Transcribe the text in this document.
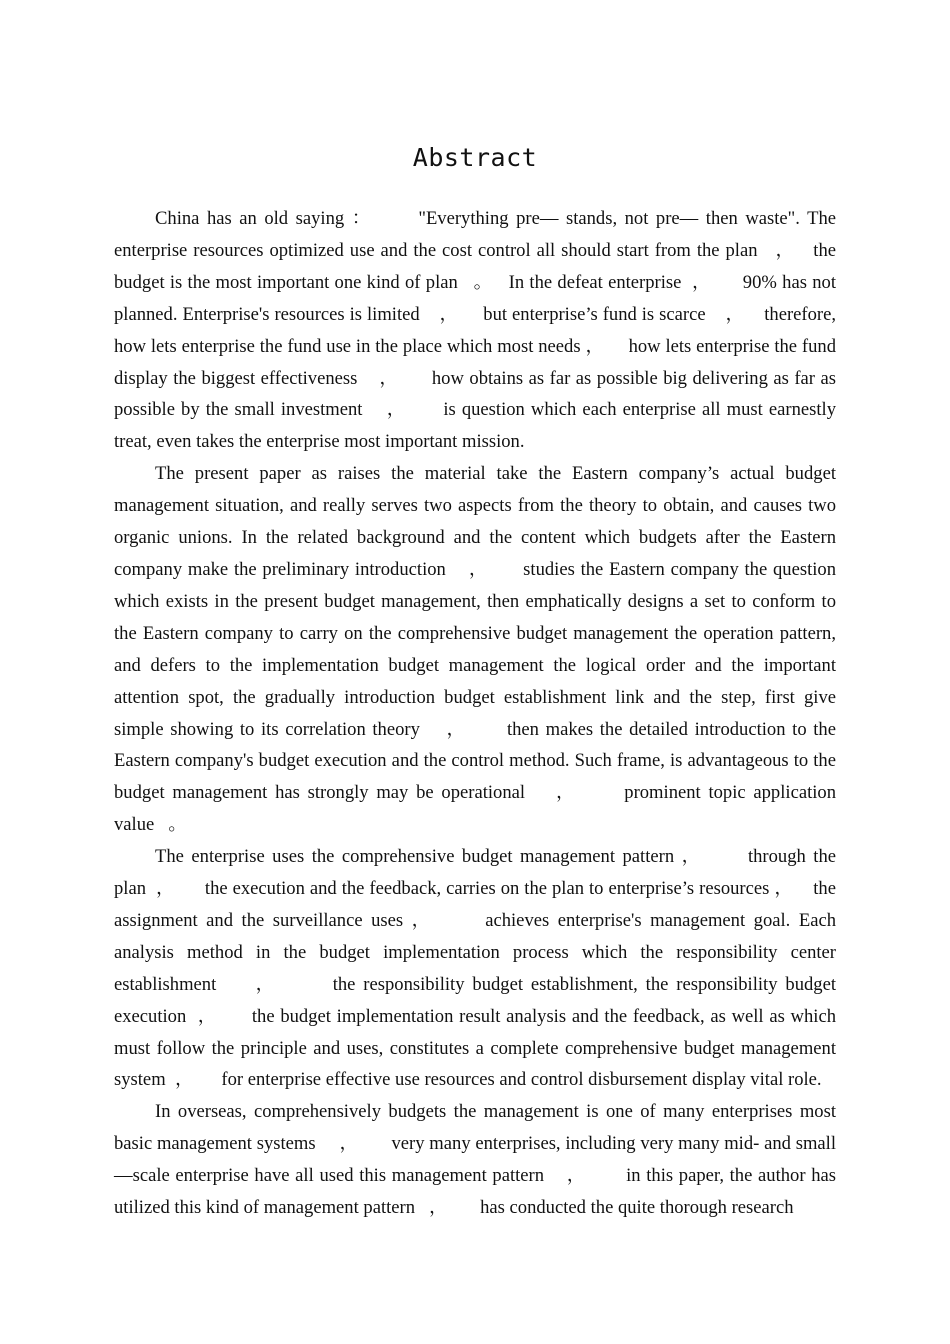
Abstract

China has an old saying ：      "Everything pre— stands, not pre— then waste". The enterprise resources optimized use and the cost control all should start from the plan   ，   the budget is the most important one kind of plan   。   In the defeat enterprise  ，      90% has not planned. Enterprise's resources is limited    ，     but enterprise’s fund is scarce    ，    therefore, how lets enterprise the fund use in the place which most needs ，     how lets enterprise the fund display the biggest effectiveness    ，      how obtains as far as possible big delivering as far as possible by the small investment    ，      is question which each enterprise all must earnestly treat, even takes the enterprise most important mission.

The present paper as raises the material take the Eastern company’s actual budget management situation, and really serves two aspects from the theory to obtain, and causes two organic unions. In the related background and the content which budgets after the Eastern company make the preliminary introduction    ，      studies the Eastern company the question which exists in the present budget management, then emphatically designs a set to conform to the Eastern company to carry on the comprehensive budget management the operation pattern, and defers to the implementation budget management the logical order and the important attention spot, the gradually introduction budget establishment link and the step, first give simple showing to its correlation theory    ，      then makes the detailed introduction to the Eastern company's budget execution and the control method. Such frame, is advantageous to the budget management has strongly may be operational    ，      prominent topic application value   。

The enterprise uses the comprehensive budget management pattern ，      through the plan  ，      the execution and the feedback, carries on the plan to enterprise’s resources ，    the assignment and the surveillance uses ，      achieves enterprise's management goal. Each analysis method in the budget implementation process which the responsibility center establishment     ，       the responsibility budget establishment, the responsibility budget execution  ，      the budget implementation result analysis and the feedback, as well as which must follow the principle and uses, constitutes a complete comprehensive budget management system  ，      for enterprise effective use resources and control disbursement display vital role.

In overseas, comprehensively budgets the management is one of many enterprises most basic management systems     ，       very many enterprises, including very many mid- and small—scale enterprise have all used this management pattern    ，       in this paper, the author has utilized this kind of management pattern   ，       has conducted the quite thorough research
